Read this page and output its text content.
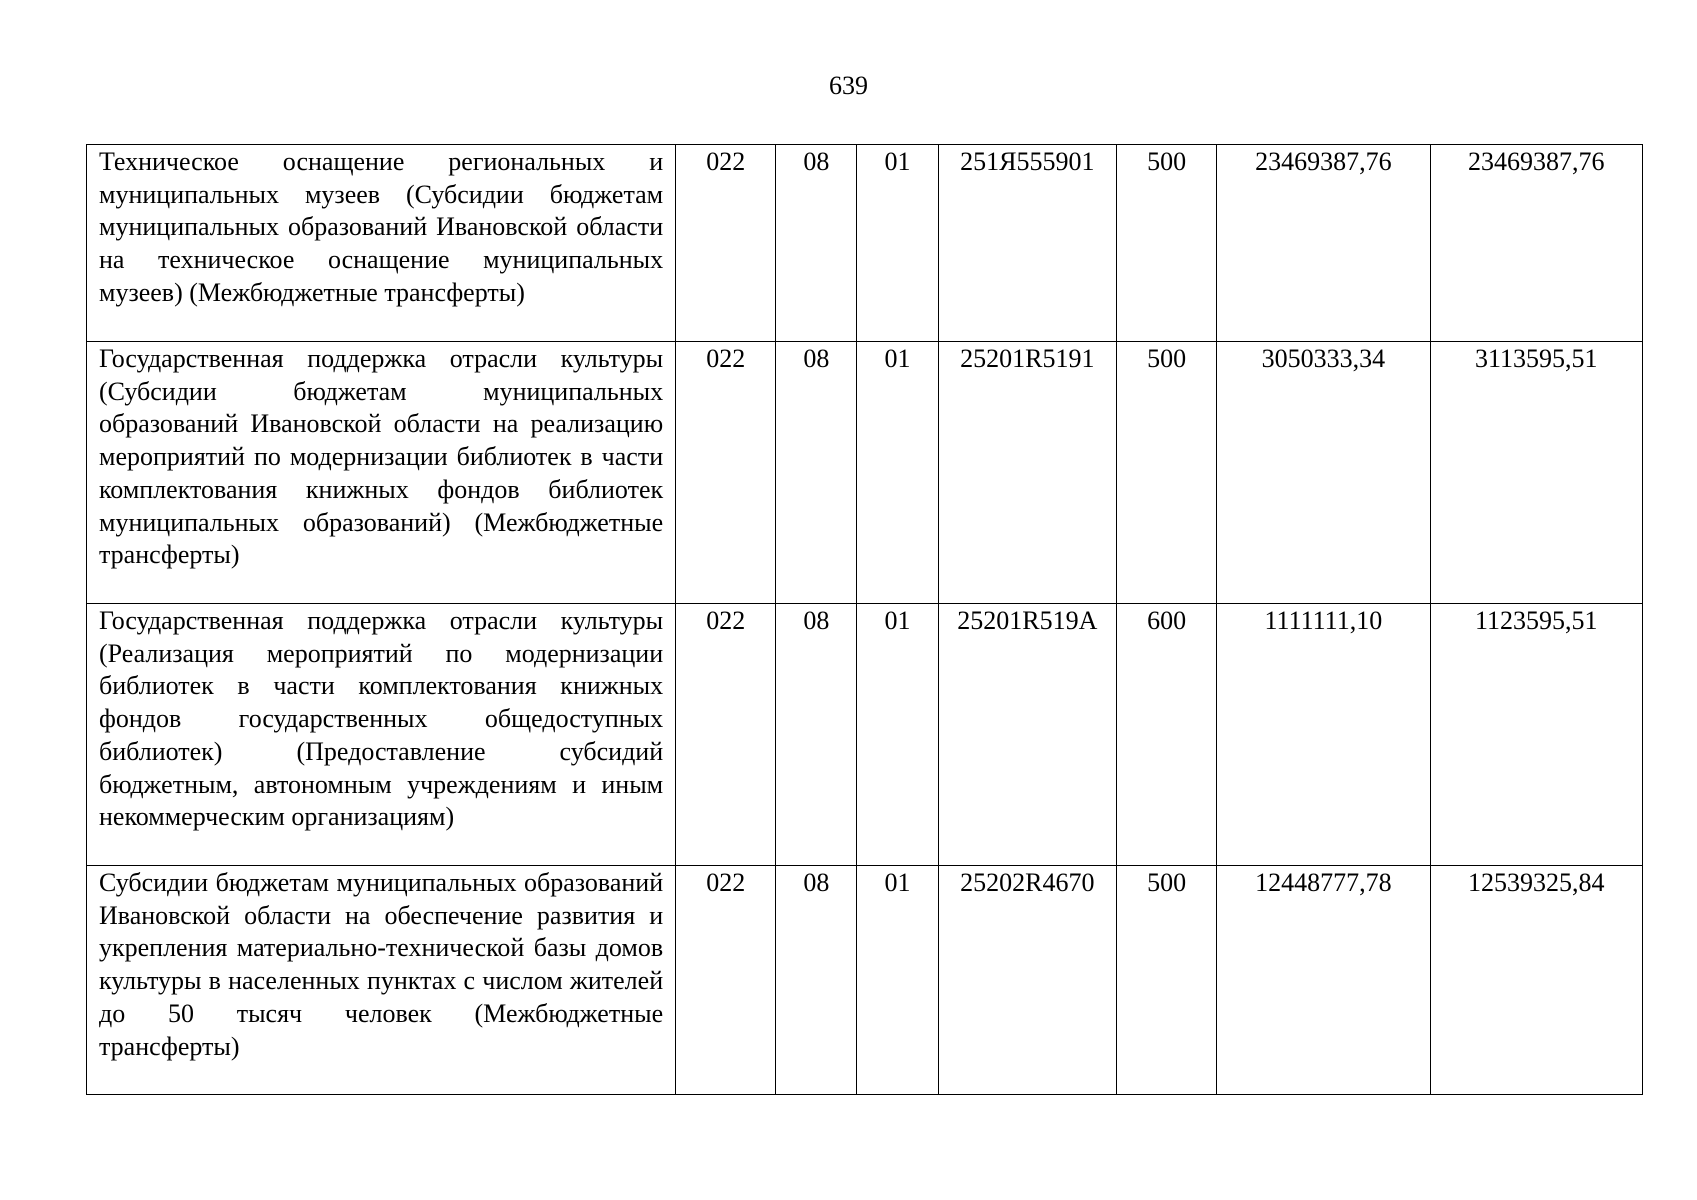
639
Техническое оснащение региональных и муниципальных музеев (Субсидии бюджетам муниципальных образований Ивановской области на техническое оснащение муниципальных музеев) (Межбюджетные трансферты)	022	08	01	251Я555901	500	23469387,76	23469387,76
Государственная поддержка отрасли культуры (Субсидии бюджетам муниципальных образований Ивановской области на реализацию мероприятий по модернизации библиотек в части комплектования книжных фондов библиотек муниципальных образований) (Межбюджетные трансферты)	022	08	01	25201R5191	500	3050333,34	3113595,51
Государственная поддержка отрасли культуры (Реализация мероприятий по модернизации библиотек в части комплектования книжных фондов государственных общедоступных библиотек) (Предоставление субсидий бюджетным, автономным учреждениям и иным некоммерческим организациям)	022	08	01	25201R519A	600	1111111,10	1123595,51
Субсидии бюджетам муниципальных образований Ивановской области на обеспечение развития и укрепления материально-технической базы домов культуры в населенных пунктах с числом жителей до 50 тысяч человек (Межбюджетные трансферты)	022	08	01	25202R4670	500	12448777,78	12539325,84
